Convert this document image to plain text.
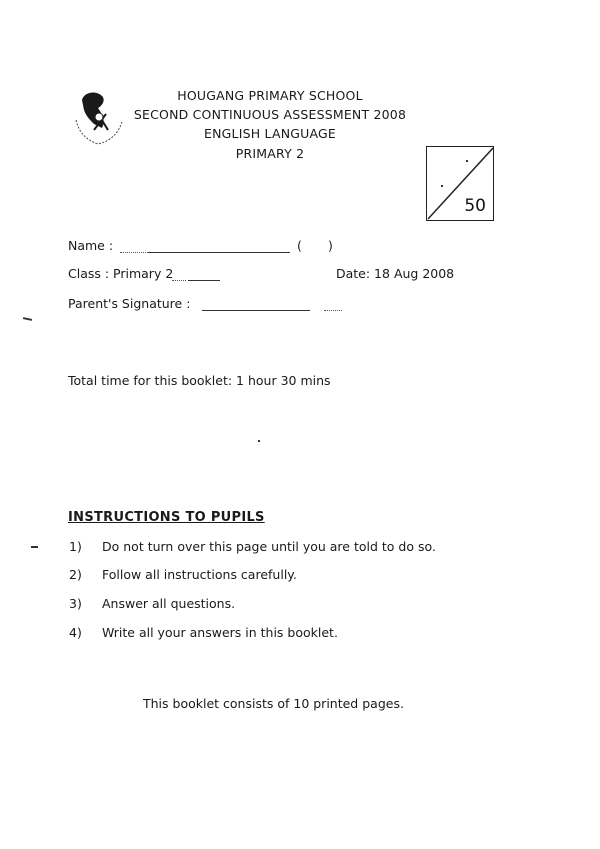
HOUGANG PRIMARY SCHOOL
SECOND CONTINUOUS ASSESSMENT 2008
ENGLISH LANGUAGE
PRIMARY 2
50
Name :	( )
Class : Primary 2	Date: 18 Aug 2008
Parent's Signature :
Total time for this booklet: 1 hour 30 mins
INSTRUCTIONS TO PUPILS
1) Do not turn over this page until you are told to do so.
2) Follow all instructions carefully.
3) Answer all questions.
4) Write all your answers in this booklet.
This booklet consists of 10 printed pages.
